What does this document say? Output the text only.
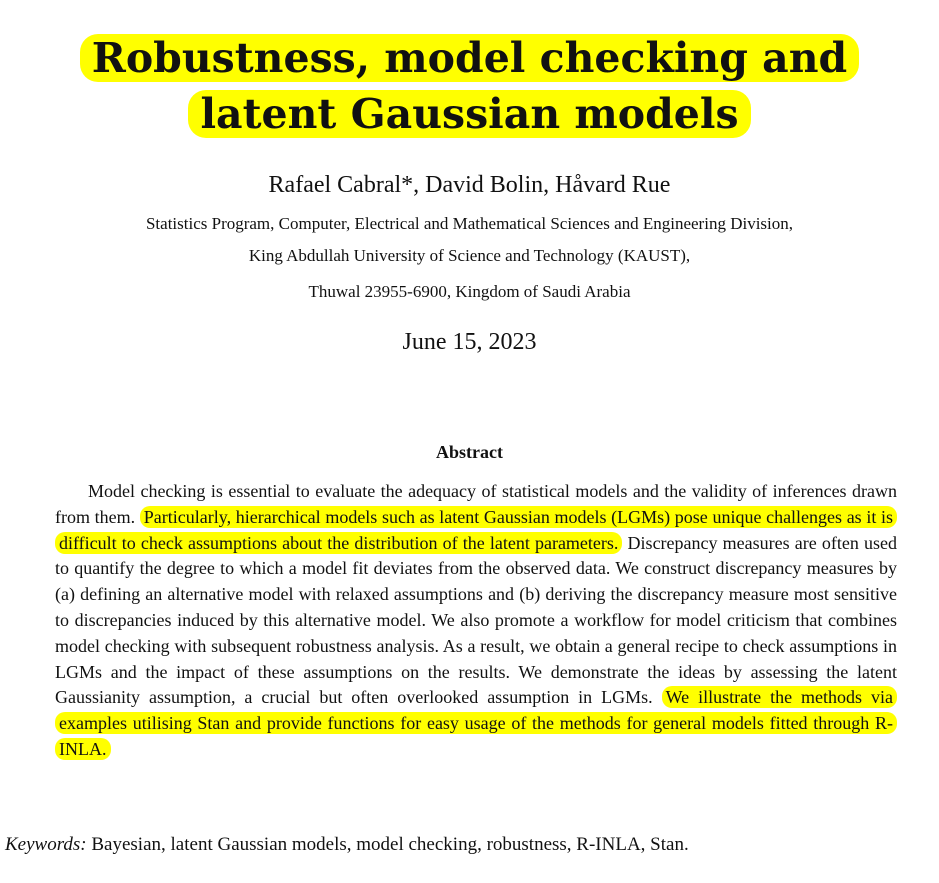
Robustness, model checking and
latent Gaussian models
Rafael Cabral*, David Bolin, Håvard Rue
Statistics Program, Computer, Electrical and Mathematical Sciences and Engineering Division,
King Abdullah University of Science and Technology (KAUST),
Thuwal 23955-6900, Kingdom of Saudi Arabia
June 15, 2023
Abstract
Model checking is essential to evaluate the adequacy of statistical models and the validity of inferences drawn from them. Particularly, hierarchical models such as latent Gaussian models (LGMs) pose unique challenges as it is difficult to check assumptions about the distribution of the latent parameters. Discrepancy measures are often used to quantify the degree to which a model fit deviates from the observed data. We construct discrepancy measures by (a) defining an alternative model with relaxed assumptions and (b) deriving the discrepancy measure most sensitive to discrepancies induced by this alternative model. We also promote a workflow for model criticism that combines model checking with subsequent robustness analysis. As a result, we obtain a general recipe to check assumptions in LGMs and the impact of these assumptions on the results. We demonstrate the ideas by assessing the latent Gaussianity assumption, a crucial but often overlooked assumption in LGMs. We illustrate the methods via examples utilising Stan and provide functions for easy usage of the methods for general models fitted through R-INLA.
Keywords: Bayesian, latent Gaussian models, model checking, robustness, R-INLA, Stan.
